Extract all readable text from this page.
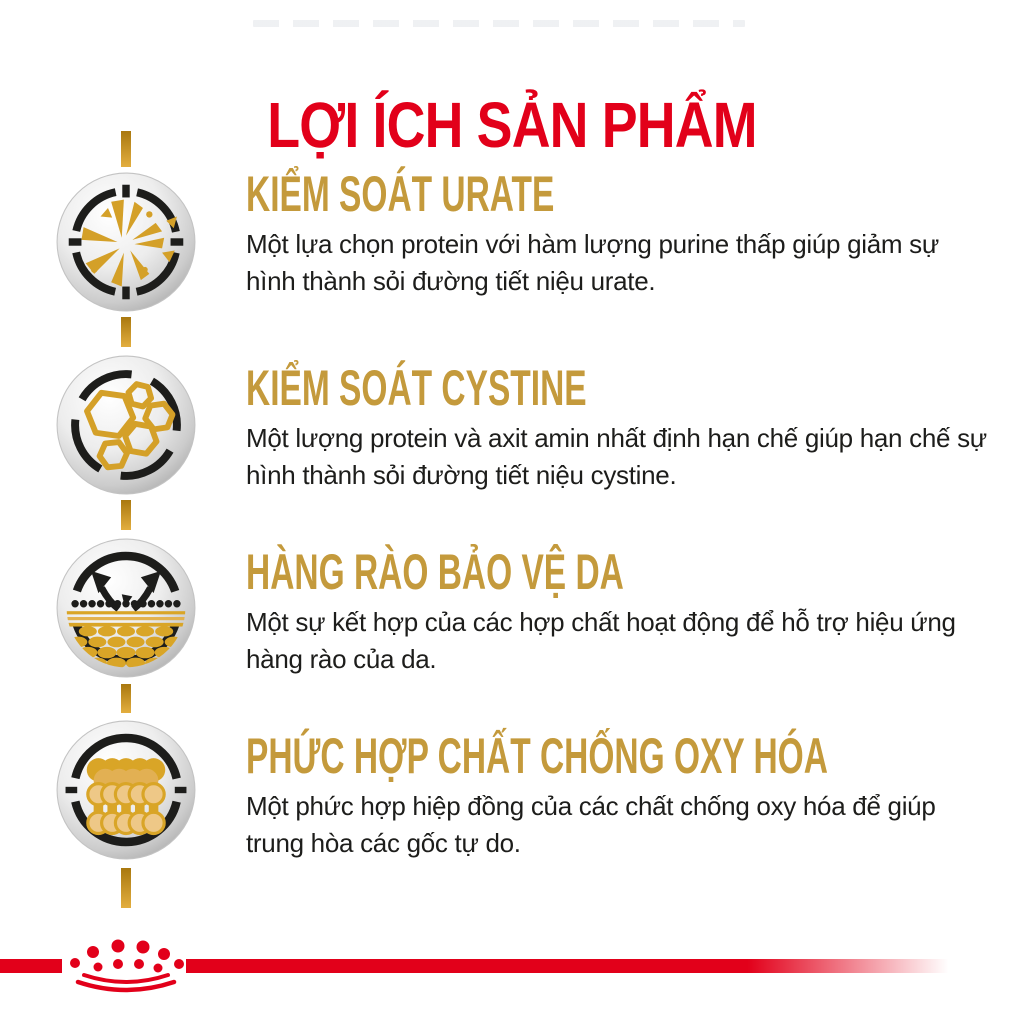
LỢI ÍCH SẢN PHẨM
KIỂM SOÁT URATE

Một lựa chọn protein với hàm lượng purine thấp giúp giảm sự hình thành sỏi đường tiết niệu urate.

KIỂM SOÁT CYSTINE

Một lượng protein và axit amin nhất định hạn chế giúp hạn chế sự hình thành sỏi đường tiết niệu cystine.

HÀNG RÀO BẢO VỆ DA

Một sự kết hợp của các hợp chất hoạt động để hỗ trợ hiệu ứng hàng rào của da.

PHỨC HỢP CHẤT CHỐNG OXY HÓA

Một phức hợp hiệp đồng của các chất chống oxy hóa để giúp trung hòa các gốc tự do.
